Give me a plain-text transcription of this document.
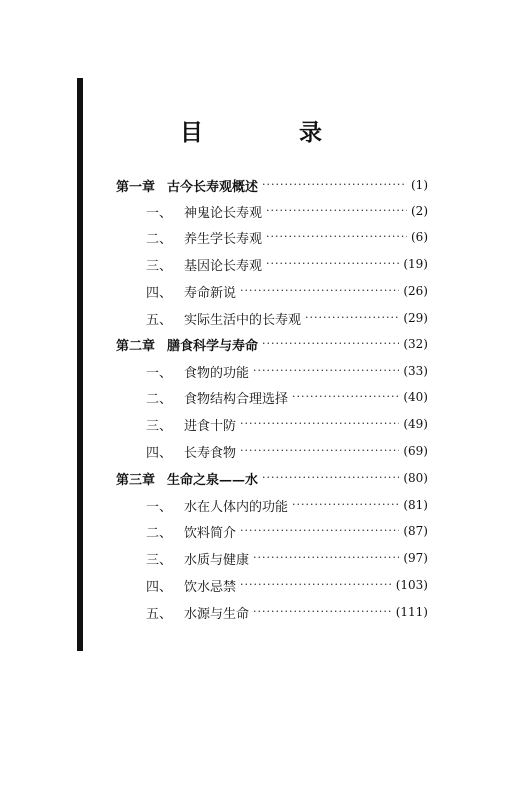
目 录
第一章 古今长寿观概述 ·····	(1)
一、 神鬼论长寿观 ·····	(2)
二、 养生学长寿观 ·····	(6)
三、 基因论长寿观 ·····	(19)
四、 寿命新说 ·····	(26)
五、 实际生活中的长寿观 ·····	(29)
第二章 膳食科学与寿命 ·····	(32)
一、 食物的功能 ·····	(33)
二、 食物结构合理选择 ·····	(40)
三、 进食十防 ·····	(49)
四、 长寿食物 ·····	(69)
第三章 生命之泉——水 ·····	(80)
一、 水在人体内的功能 ·····	(81)
二、 饮料简介 ·····	(87)
三、 水质与健康 ·····	(97)
四、 饮水忌禁 ·····	(103)
五、 水源与生命 ·····	(111)
